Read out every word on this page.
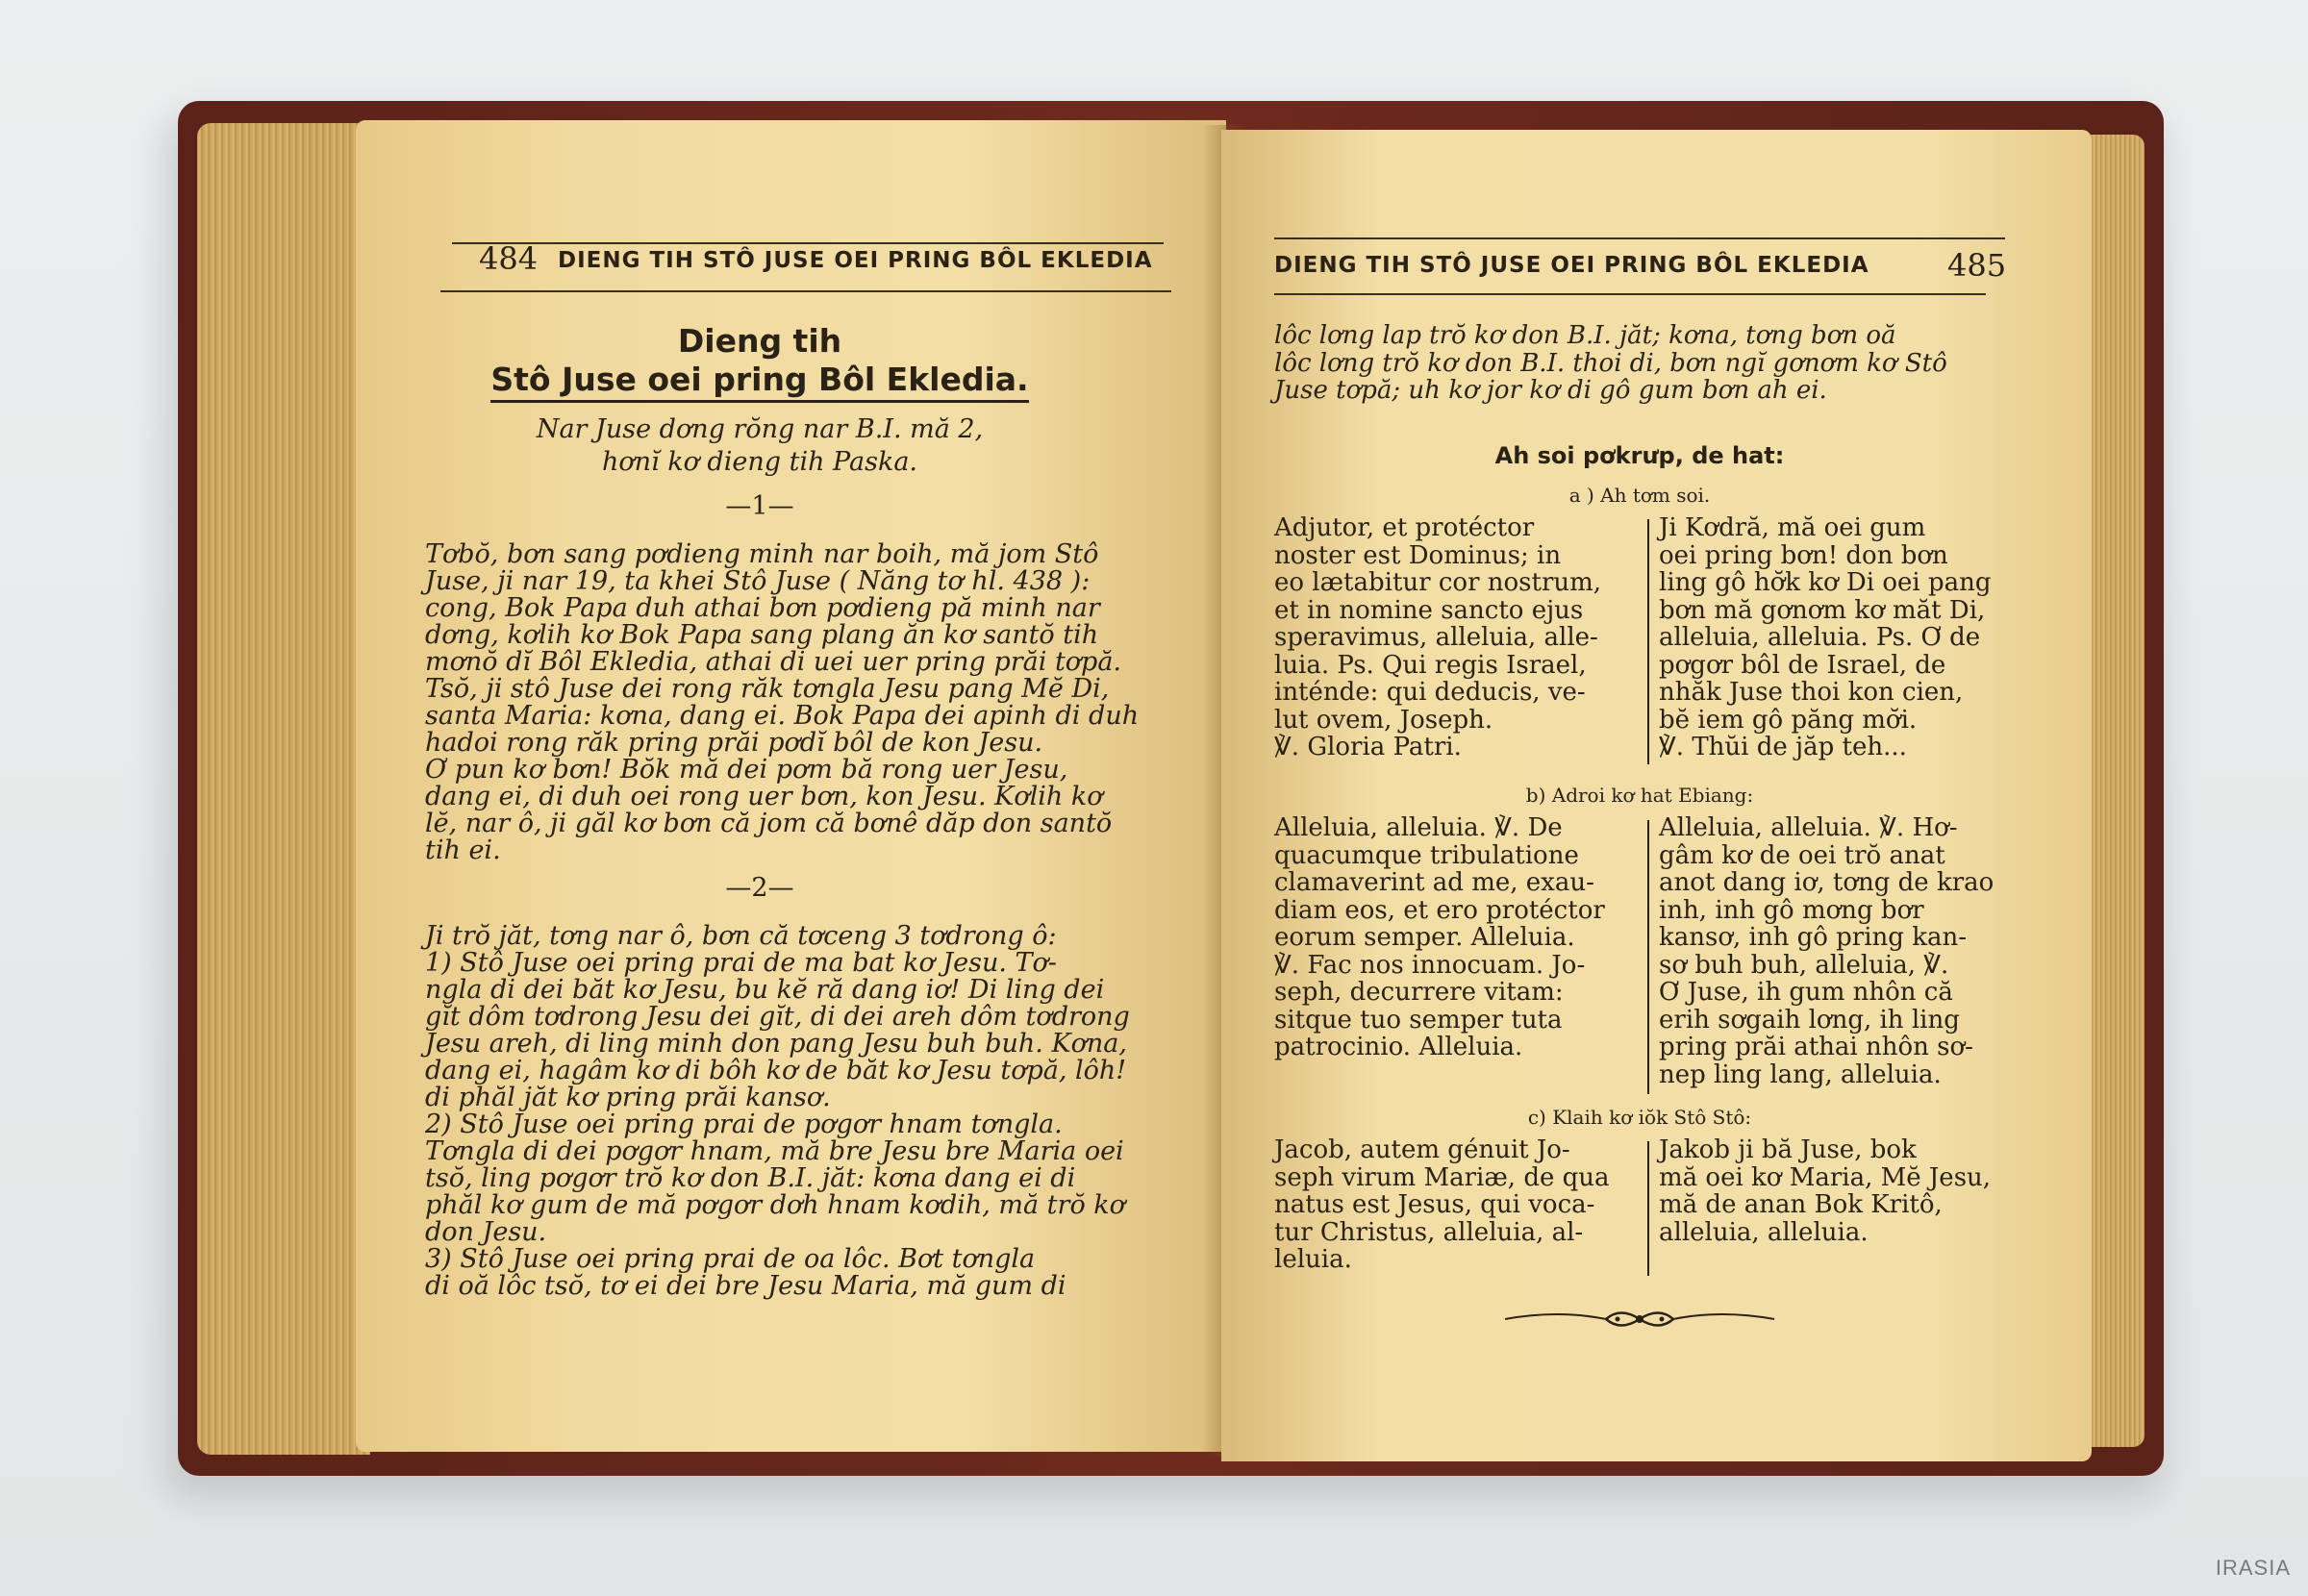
484 DIENG TIH STÔ JUSE OEI PRING BÔL EKLEDIA
Dieng tih
Stô Juse oei pring Bôl Ekledia.
Nar Juse dơng rŏng nar B.I. mă 2,
hơnĭ kơ dieng tih Paska.
—1—

Tơbŏ, bơn sang pơdieng minh nar boih, mă jom Stô

Juse, ji nar 19, ta khei Stô Juse ( Năng tơ hl. 438 ):

cong, Bok Papa duh athai bơn pơdieng pă minh nar

dơng, kơlih kơ Bok Papa sang plang ăn kơ santŏ tih

mơnŏ dĭ Bôl Ekledia, athai di uei uer pring prăi tơpă.

Tsŏ, ji stô Juse dei rong răk tơngla Jesu pang Mĕ Di,

santa Maria: kơna, dang ei. Bok Papa dei apinh di duh

hadoi rong răk pring prăi pơdĭ bôl de kon Jesu.

Ơ pun kơ bơn! Bŏk mă dei pơm bă rong uer Jesu,

dang ei, di duh oei rong uer bơn, kon Jesu. Kơlih kơ

lĕ, nar ô, ji găl kơ bơn că jom că bơnê dăp don santŏ

tih ei.

—2—

Ji trŏ jăt, tơng nar ô, bơn că tơceng 3 tơdrong ô:

1) Stô Juse oei pring prai de ma bat kơ Jesu. Tơ-

ngla di dei băt kơ Jesu, bu kĕ ră dang iơ! Di ling dei

gĭt dôm tơdrong Jesu dei gĭt, di dei areh dôm tơdrong

Jesu areh, di ling minh don pang Jesu buh buh. Kơna,

dang ei, hagâm kơ di bôh kơ de băt kơ Jesu tơpă, lôh!

di phăl jăt kơ pring prăi kansơ.

2) Stô Juse oei pring prai de pơgơr hnam tơngla.

Tơngla di dei pơgơr hnam, mă bre Jesu bre Maria oei

tsŏ, ling pơgơr trŏ kơ don B.I. jăt: kơna dang ei di

phăl kơ gum de mă pơgơr dơh hnam kơdih, mă trŏ kơ

don Jesu.

3) Stô Juse oei pring prai de oa lôc. Bơt tơngla

di oă lôc tsŏ, tơ ei dei bre Jesu Maria, mă gum di

DIENG TIH STÔ JUSE OEI PRING BÔL EKLEDIA	485

lôc lơng lap trŏ kơ don B.I. jăt; kơna, tơng bơn oă

lôc lơng trŏ kơ don B.I. thoi di, bơn ngĭ gơnơm kơ Stô

Juse tơpă; uh kơ jor kơ di gô gum bơn ah ei.

Ah soi pơkrưp, de hat:
a ) Ah tơm soi.

Adjutor, et protéctor

noster est Dominus; in

eo lætabitur cor nostrum,

et in nomine sancto ejus

speravimus, alleluia, alle-

luia. Ps. Qui regis Israel,

inténde: qui deducis, ve-

lut ovem, Joseph.

℣. Gloria Patri.

Ji Kơdră, mă oei gum

oei pring bơn! don bơn

ling gô hơ̆k kơ Di oei pang

bơn mă gơnơm kơ măt Di,

alleluia, alleluia. Ps. Ơ de

pơgơr bôl de Israel, de

nhăk Juse thoi kon cien,

bĕ iem gô păng mơ̆i.

℣. Thŭi de jăp teh...

b) Adroi kơ hat Ebiang:

Alleluia, alleluia. ℣. De

quacumque tribulatione

clamaverint ad me, exau-

diam eos, et ero protéctor

eorum semper. Alleluia.

℣. Fac nos innocuam. Jo-

seph, decurrere vitam:

sitque tuo semper tuta

patrocinio. Alleluia.

Alleluia, alleluia. ℣. Hơ-

gâm kơ de oei trŏ anat

anot dang iơ, tơng de krao

inh, inh gô mơng bơr

kansơ, inh gô pring kan-

sơ buh buh, alleluia, ℣.

Ơ Juse, ih gum nhôn că

erih sơgaih lơng, ih ling

pring prăi athai nhôn sơ-

nep ling lang, alleluia.

c) Klaih kơ iŏk Stô Stô:

Jacob, autem génuit Jo-

seph virum Mariæ, de qua

natus est Jesus, qui voca-

tur Christus, alleluia, al-

leluia.

Jakob ji bă Juse, bok

mă oei kơ Maria, Mĕ Jesu,

mă de anan Bok Kritô,

alleluia, alleluia.

IRASIA
